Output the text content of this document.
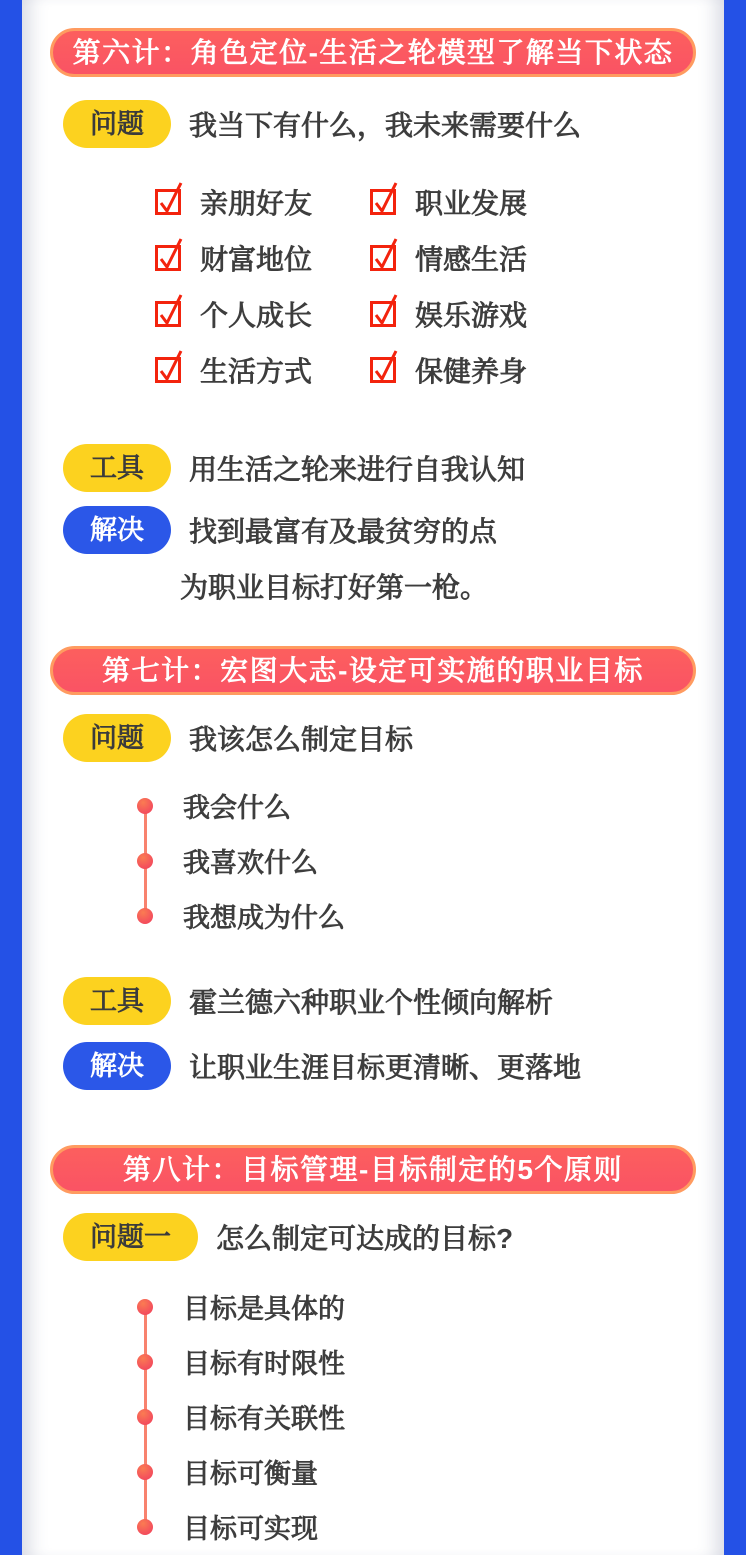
第六计：角色定位-生活之轮模型了解当下状态
问题	我当下有什么，我未来需要什么
亲朋好友	职业发展
财富地位	情感生活
个人成长	娱乐游戏
生活方式	保健养身
工具	用生活之轮来进行自我认知
解决	找到最富有及最贫穷的点
为职业目标打好第一枪。
第七计：宏图大志-设定可实施的职业目标
问题	我该怎么制定目标
我会什么
我喜欢什么
我想成为什么
工具	霍兰德六种职业个性倾向解析
解决	让职业生涯目标更清晰、更落地
第八计：目标管理-目标制定的5个原则
问题一	怎么制定可达成的目标?
目标是具体的
目标有时限性
目标有关联性
目标可衡量
目标可实现
